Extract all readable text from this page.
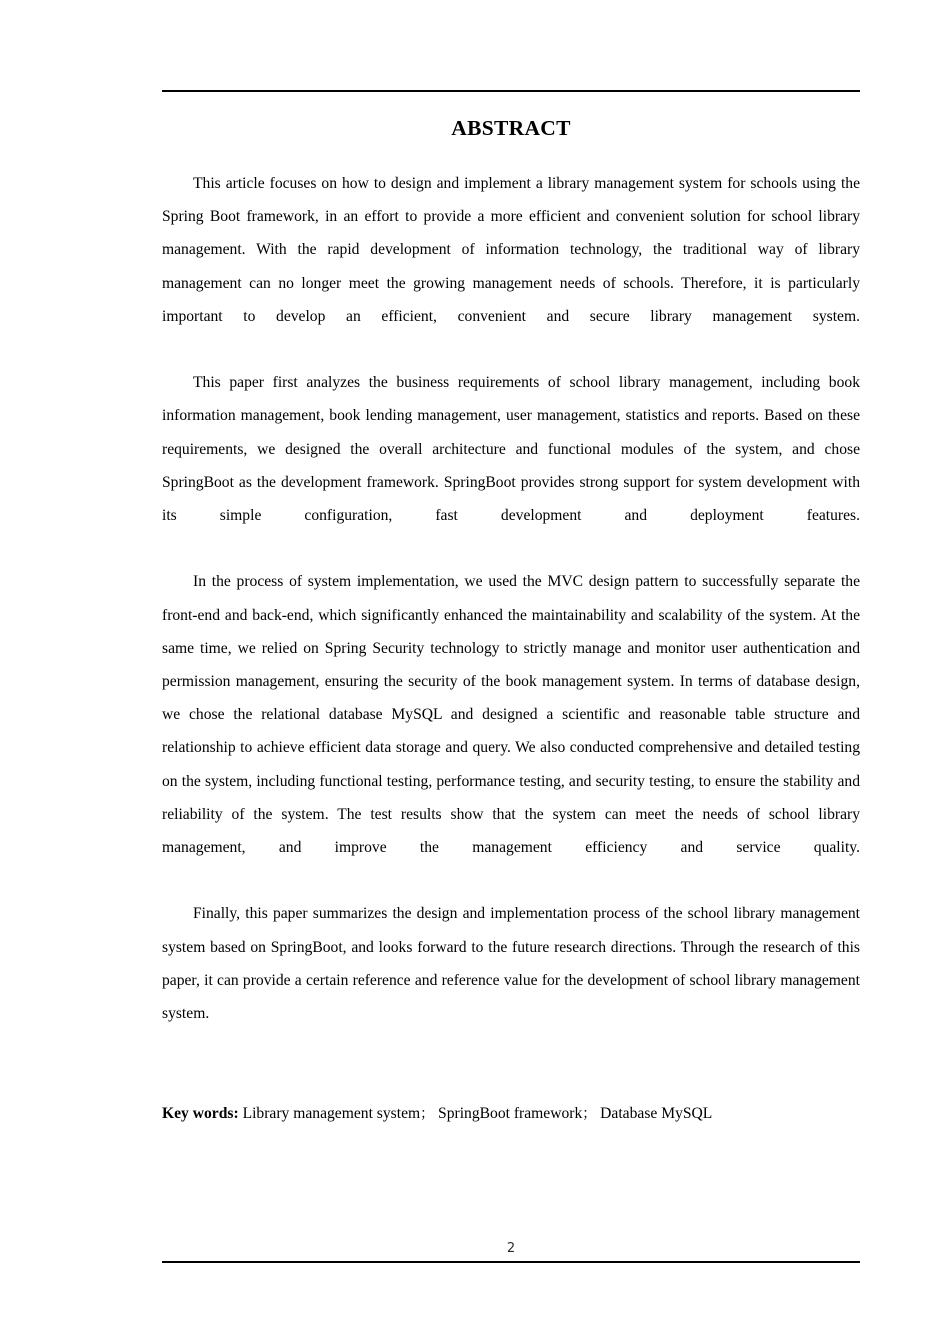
ABSTRACT

This article focuses on how to design and implement a library management system for schools using the Spring Boot framework, in an effort to provide a more efficient and convenient solution for school library management. With the rapid development of information technology, the traditional way of library management can no longer meet the growing management needs of schools. Therefore, it is particularly important to develop an efficient, convenient and secure library management system.

This paper first analyzes the business requirements of school library management, including book information management, book lending management, user management, statistics and reports. Based on these requirements, we designed the overall architecture and functional modules of the system, and chose SpringBoot as the development framework. SpringBoot provides strong support for system development with its simple configuration, fast development and deployment features.

In the process of system implementation, we used the MVC design pattern to successfully separate the front-end and back-end, which significantly enhanced the maintainability and scalability of the system. At the same time, we relied on Spring Security technology to strictly manage and monitor user authentication and permission management, ensuring the security of the book management system. In terms of database design, we chose the relational database MySQL and designed a scientific and reasonable table structure and relationship to achieve efficient data storage and query. We also conducted comprehensive and detailed testing on the system, including functional testing, performance testing, and security testing, to ensure the stability and reliability of the system. The test results show that the system can meet the needs of school library management, and improve the management efficiency and service quality.

Finally, this paper summarizes the design and implementation process of the school library management system based on SpringBoot, and looks forward to the future research directions. Through the research of this paper, it can provide a certain reference and reference value for the development of school library management system.

Key words: Library management system； SpringBoot framework； Database MySQL

2
